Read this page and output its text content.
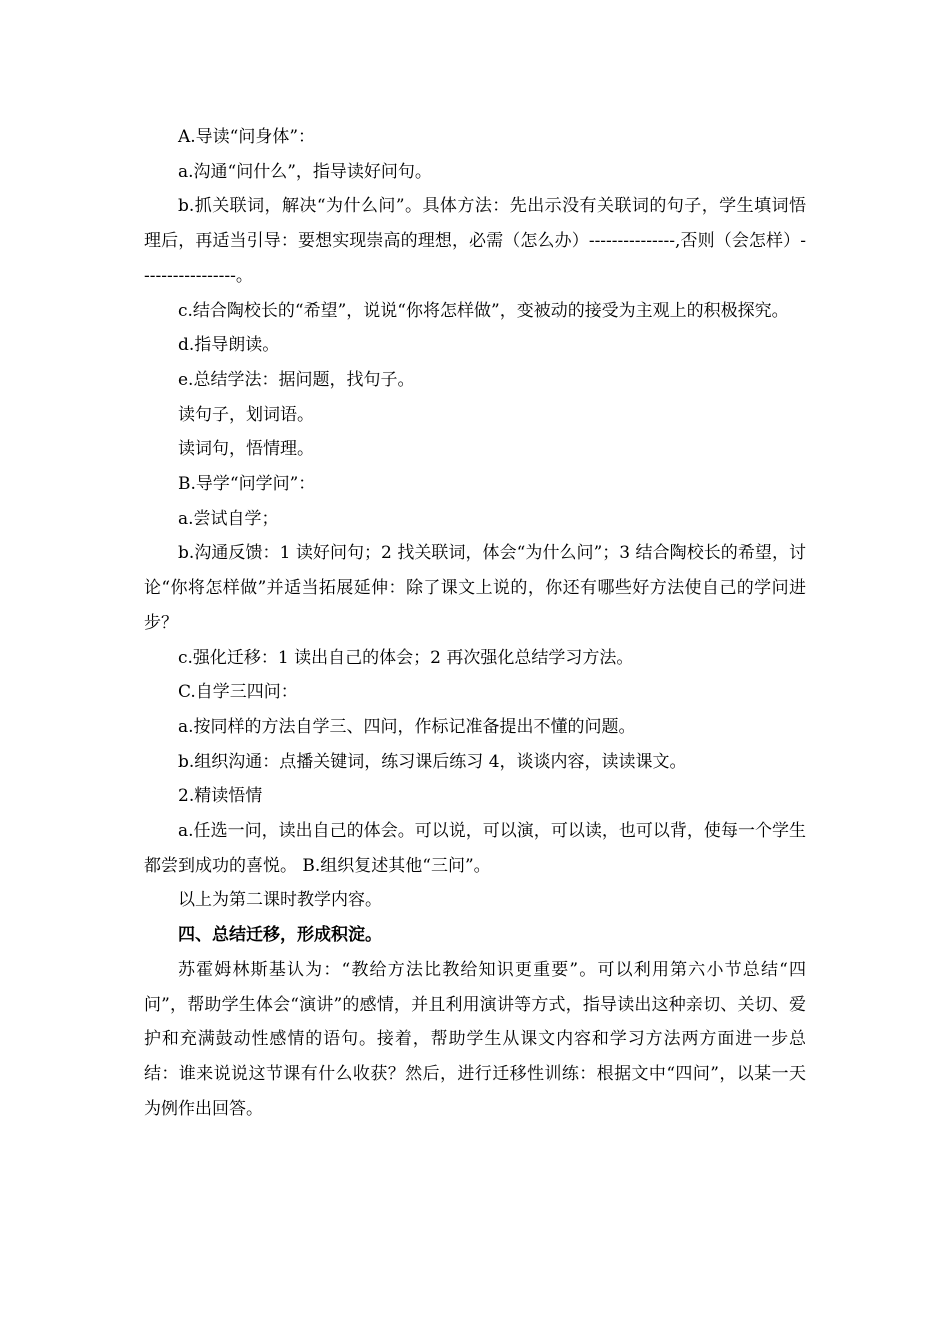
A.导读“问身体”：

a.沟通“问什么”，指导读好问句。

b.抓关联词，解决“为什么问”。具体方法：先出示没有关联词的句子，学生填词悟理后，再适当引导：要想实现崇高的理想，必需（怎么办）---------------,否则（会怎样）-----------------。

c.结合陶校长的“希望”，说说“你将怎样做”，变被动的接受为主观上的积极探究。

d.指导朗读。

e.总结学法：据问题，找句子。

读句子，划词语。

读词句，悟情理。

B.导学“问学问”：

a.尝试自学；

b.沟通反馈：1 读好问句；2 找关联词，体会“为什么问”；3 结合陶校长的希望，讨论“你将怎样做”并适当拓展延伸：除了课文上说的，你还有哪些好方法使自己的学问进步？

c.强化迁移：1 读出自己的体会；2 再次强化总结学习方法。

C.自学三四问：

a.按同样的方法自学三、四问，作标记准备提出不懂的问题。

b.组织沟通：点播关键词，练习课后练习 4，谈谈内容，读读课文。

2.精读悟情

a.任选一问，读出自己的体会。可以说，可以演，可以读，也可以背，使每一个学生都尝到成功的喜悦。 B.组织复述其他“三问”。

以上为第二课时教学内容。

四、总结迁移，形成积淀。

苏霍姆林斯基认为：“教给方法比教给知识更重要”。可以利用第六小节总结“四问”，帮助学生体会“演讲”的感情，并且利用演讲等方式，指导读出这种亲切、关切、爱护和充满鼓动性感情的语句。接着，帮助学生从课文内容和学习方法两方面进一步总结：谁来说说这节课有什么收获？然后，进行迁移性训练：根据文中“四问”，以某一天为例作出回答。
